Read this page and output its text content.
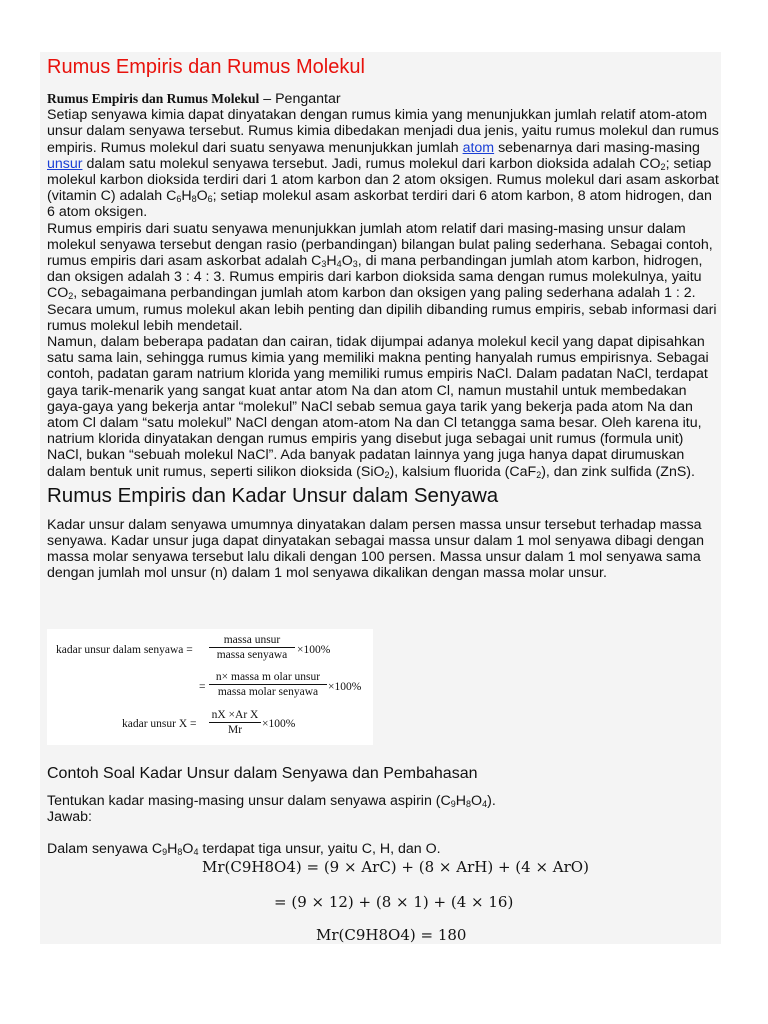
Rumus Empiris dan Rumus Molekul

Rumus Empiris dan Rumus Molekul – Pengantar

Setiap senyawa kimia dapat dinyatakan dengan rumus kimia yang menunjukkan jumlah relatif atom-atom unsur dalam senyawa tersebut. Rumus kimia dibedakan menjadi dua jenis, yaitu rumus molekul dan rumus empiris. Rumus molekul dari suatu senyawa menunjukkan jumlah atom sebenarnya dari masing-masing unsur dalam satu molekul senyawa tersebut. Jadi, rumus molekul dari karbon dioksida adalah $CO_2$; setiap molekul karbon dioksida terdiri dari 1 atom karbon dan 2 atom oksigen. Rumus molekul dari asam askorbat (vitamin C) adalah $C_6H_8O_6$; setiap molekul asam askorbat terdiri dari 6 atom karbon, 8 atom hidrogen, dan 6 atom oksigen.

Rumus empiris dari suatu senyawa menunjukkan jumlah atom relatif dari masing-masing unsur dalam molekul senyawa tersebut dengan rasio (perbandingan) bilangan bulat paling sederhana. Sebagai contoh, rumus empiris dari asam askorbat adalah $C_3H_4O_3$, di mana perbandingan jumlah atom karbon, hidrogen, dan oksigen adalah 3 : 4 : 3. Rumus empiris dari karbon dioksida sama dengan rumus molekulnya, yaitu $CO_2$, sebagaimana perbandingan jumlah atom karbon dan oksigen yang paling sederhana adalah 1 : 2. Secara umum, rumus molekul akan lebih penting dan dipilih dibanding rumus empiris, sebab informasi dari rumus molekul lebih mendetail.

Namun, dalam beberapa padatan dan cairan, tidak dijumpai adanya molekul kecil yang dapat dipisahkan satu sama lain, sehingga rumus kimia yang memiliki makna penting hanyalah rumus empirisnya. Sebagai contoh, padatan garam natrium klorida yang memiliki rumus empiris NaCl. Dalam padatan NaCl, terdapat gaya tarik-menarik yang sangat kuat antar atom Na dan atom Cl, namun mustahil untuk membedakan gaya-gaya yang bekerja antar “molekul” NaCl sebab semua gaya tarik yang bekerja pada atom Na dan atom Cl dalam “satu molekul” NaCl dengan atom-atom Na dan Cl tetangga sama besar. Oleh karena itu, natrium klorida dinyatakan dengan rumus empiris yang disebut juga sebagai unit rumus (formula unit) NaCl, bukan “sebuah molekul NaCl”. Ada banyak padatan lainnya yang juga hanya dapat dirumuskan dalam bentuk unit rumus, seperti silikon dioksida (SiO$_2$), kalsium fluorida (CaF$_2$), dan zink sulfida (ZnS).

Rumus Empiris dan Kadar Unsur dalam Senyawa

Kadar unsur dalam senyawa umumnya dinyatakan dalam persen massa unsur tersebut terhadap massa senyawa. Kadar unsur juga dapat dinyatakan sebagai massa unsur dalam 1 mol senyawa dibagi dengan massa molar senyawa tersebut lalu dikali dengan 100 persen. Massa unsur dalam 1 mol senyawa sama dengan jumlah mol unsur (n) dalam 1 mol senyawa dikalikan dengan massa molar unsur.

kadar unsur dalam senyawa =
massa unsur
massa senyawa ×100%
=
n× massa m olar unsur
massa molar senyawa ×100%
kadar unsur $X = \frac{\text{nX ×Ar X}}{Mr} \times 100\%$
Contoh Soal Kadar Unsur dalam Senyawa dan Pembahasan

Tentukan kadar masing-masing unsur dalam senyawa aspirin $(C_9H_8O_4)$.

Jawab:

Dalam senyawa $C_9H_8O_4$ terdapat tiga unsur, yaitu C, H, dan O.

Mr(C9H8O4) = (9 × ArC) + (8 × ArH) + (4 × ArO)
= (9 × 12) + (8 × 1) + (4 × 16)
Mr(C9H8O4) = 180
